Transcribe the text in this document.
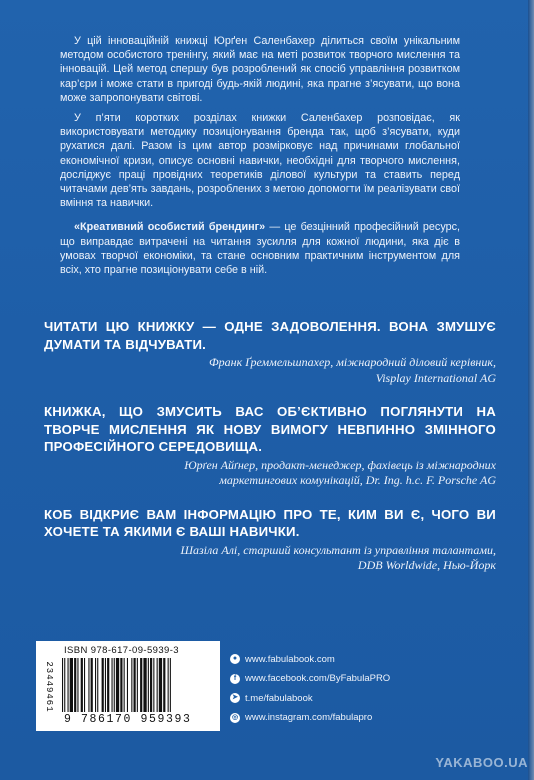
У цій інноваційній книжці Юрґен Саленбахер ділиться своїм унікальним методом особистого тренінгу, який має на меті розвиток творчого мислення та інновацій. Цей метод спершу був розроблений як спосіб управління розвитком кар’єри і може стати в пригоді будь-якій людині, яка прагне з’ясувати, що вона може запропонувати світові.

У п’яти коротких розділах книжки Саленбахер розповідає, як використовувати методику позиціонування бренда так, щоб з’ясувати, куди рухатися далі. Разом із цим автор розмірковує над причинами глобальної економічної кризи, описує основні навички, необхідні для творчого мислення, досліджує праці провідних теоретиків ділової культури та ставить перед читачами дев’ять завдань, розроблених з метою допомогти їм реалізувати свої вміння та навички.

«Креативний особистий брендинг» — це безцінний професійний ресурс, що виправдає витрачені на читання зусилля для кожної людини, яка діє в умовах творчої економіки, та стане основним практичним інструментом для всіх, хто прагне позиціонувати себе в ній.

ЧИТАТИ ЦЮ КНИЖКУ — ОДНЕ ЗАДОВОЛЕННЯ. ВОНА ЗМУШУЄ ДУМАТИ ТА ВІДЧУВАТИ.
Франк Ґреммельшпахер, міжнародний діловий керівник,
Visplay International AG
КНИЖКА, ЩО ЗМУСИТЬ ВАС ОБ’ЄКТИВНО ПОГЛЯНУТИ НА ТВОРЧЕ МИСЛЕННЯ ЯК НОВУ ВИМОГУ НЕВПИННО ЗМІННОГО ПРОФЕСІЙНОГО СЕРЕДОВИЩА.
Юрґен Айґнер, продакт-менеджер, фахівець із міжнародних
маркетингових комунікацій, Dr. Ing. h.c. F. Porsche AG
КОБ ВІДКРИЄ ВАМ ІНФОРМАЦІЮ ПРО ТЕ, КИМ ВИ Є, ЧОГО ВИ ХОЧЕТЕ ТА ЯКИМИ Є ВАШІ НАВИЧКИ.
Шазіла Алі, старший консультант із управління талантами,
DDB Worldwide, Нью-Йорк
23449461
ISBN 978-617-09-5939-3
9 786170 959393
● www.fabulabook.com
f www.facebook.com/ByFabulaPRO
➤ t.me/fabulabook
◎ www.instagram.com/fabulapro
YAKABOO.UA
